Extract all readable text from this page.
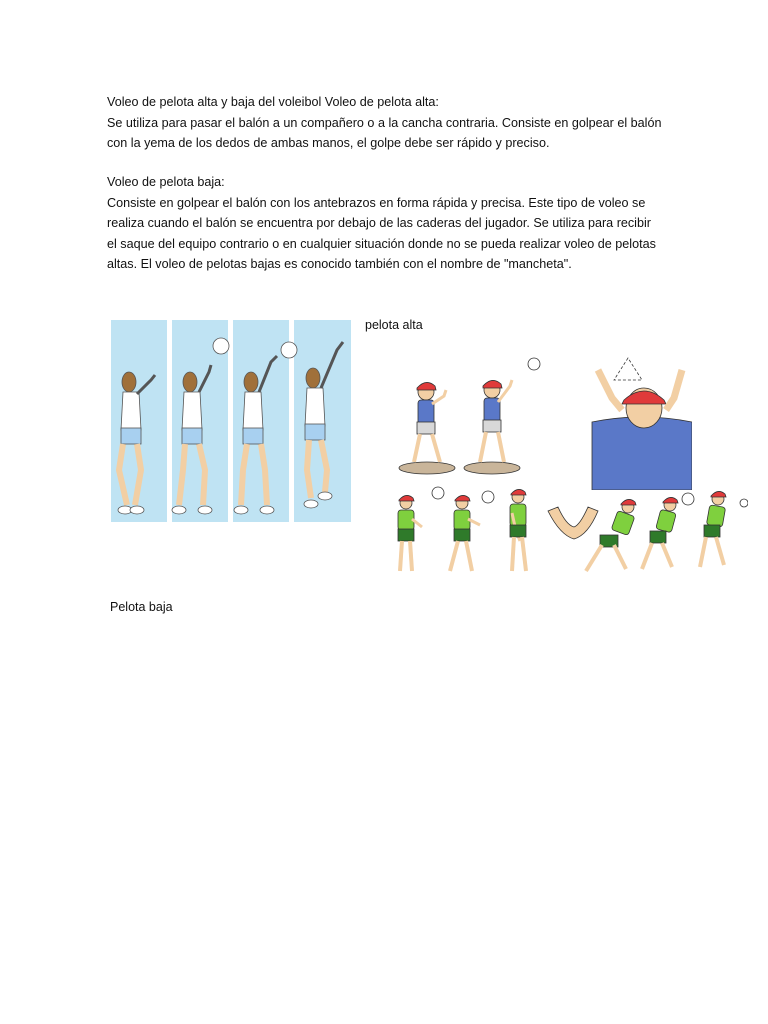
Voleo de pelota alta y baja del voleibol Voleo de pelota alta:

Se utiliza para pasar el balón a un compañero o a la cancha contraria. Consiste en golpear el balón

con la yema de los dedos de ambas manos, el golpe debe ser rápido y preciso.

Voleo de pelota baja:

Consiste en golpear el balón con los antebrazos en forma rápida y precisa. Este tipo de voleo se

realiza cuando el balón se encuentra por debajo de las caderas del jugador. Se utiliza para recibir

el saque del equipo contrario o en cualquier situación donde no se pueda realizar voleo de pelotas

altas. El voleo de pelotas bajas es conocido también con el nombre de "mancheta".

pelota alta
Pelota baja
